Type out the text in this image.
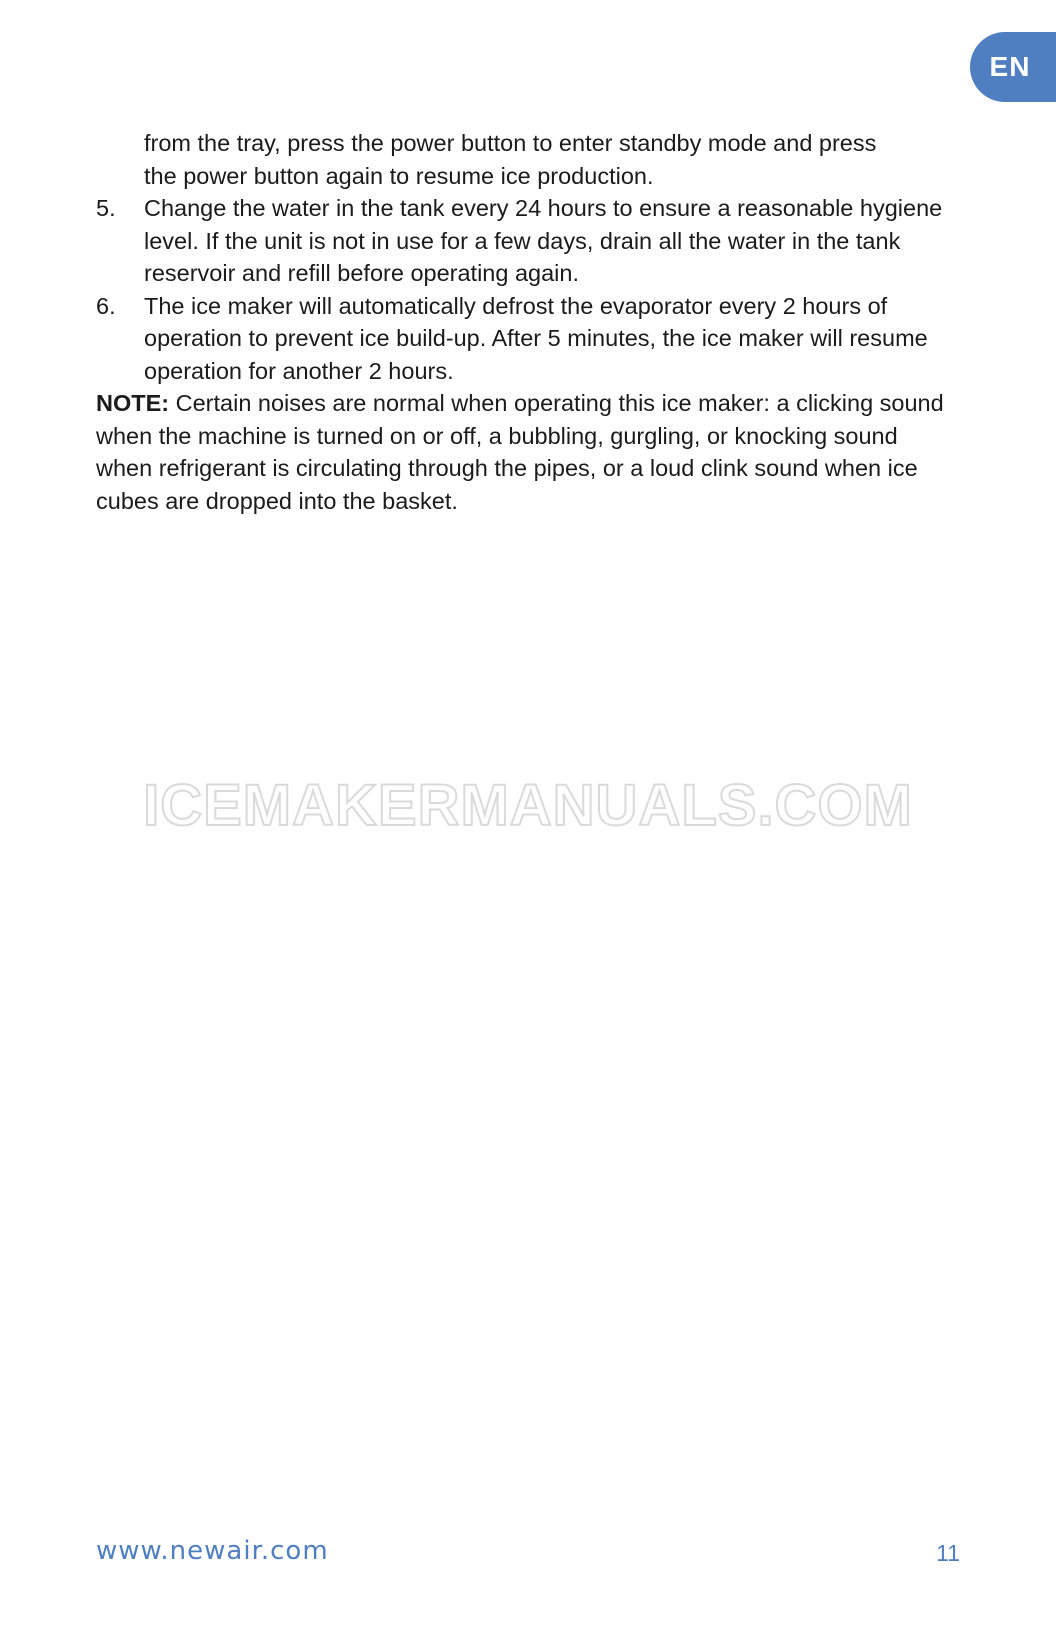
EN

from the tray, press the power button to enter standby mode and press

the power button again to resume ice production.

5.	Change the water in the tank every 24 hours to ensure a reasonable hygiene level. If the unit is not in use for a few days, drain all the water in the tank reservoir and refill before operating again.
6.	The ice maker will automatically defrost the evaporator every 2 hours of operation to prevent ice build-up. After 5 minutes, the ice maker will resume operation for another 2 hours.

NOTE: Certain noises are normal when operating this ice maker: a clicking sound when the machine is turned on or off, a bubbling, gurgling, or knocking sound when refrigerant is circulating through the pipes, or a loud clink sound when ice cubes are dropped into the basket.

ICEMAKERMANUALS.COM
www.newair.com	11
